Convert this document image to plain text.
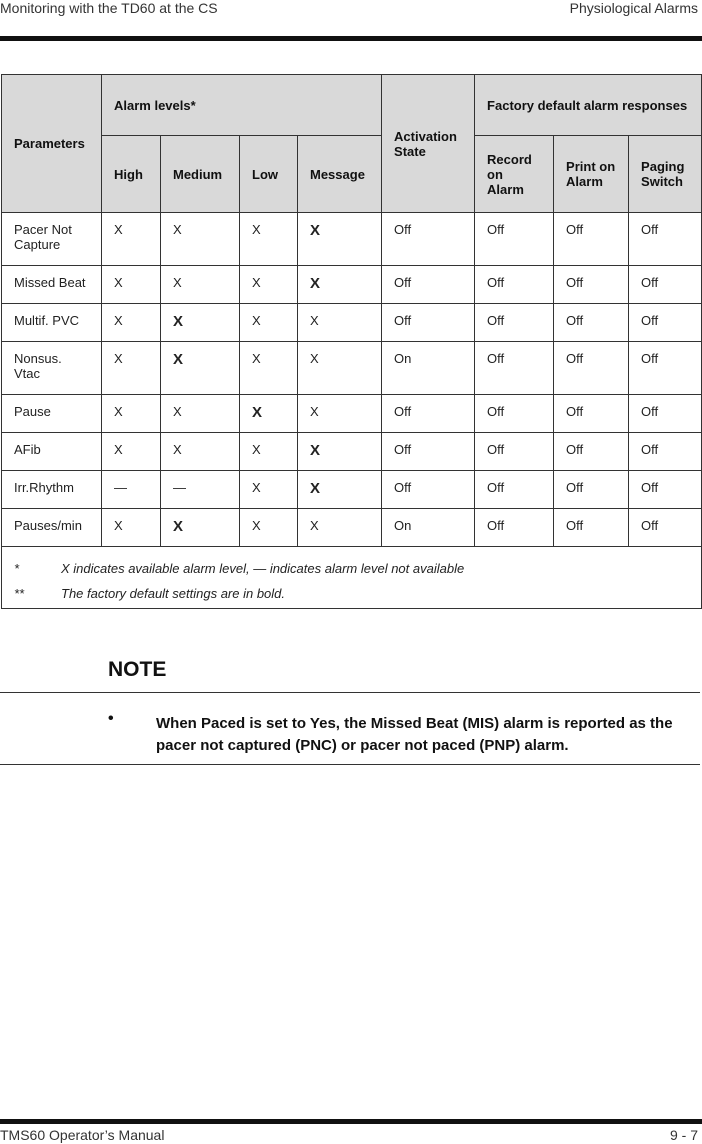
Monitoring with the TD60 at the CS	Physiological Alarms
Parameters	Alarm levels*				Activation State	Factory default alarm responses		
	High	Medium	Low	Message		Record on Alarm	Print on Alarm	Paging Switch
Pacer Not Capture	X	X	X	X	Off	Off	Off	Off
Missed Beat	X	X	X	X	Off	Off	Off	Off
Multif. PVC	X	X	X	X	Off	Off	Off	Off
Nonsus. Vtac	X	X	X	X	On	Off	Off	Off
Pause	X	X	X	X	Off	Off	Off	Off
AFib	X	X	X	X	Off	Off	Off	Off
Irr.Rhythm	—	—	X	X	Off	Off	Off	Off
Pauses/min	X	X	X	X	On	Off	Off	Off

* X indicates available alarm level, — indicates alarm level not available
** The factory default settings are in bold.								
NOTE
•	When Paced is set to Yes, the Missed Beat (MIS) alarm is reported as the pacer not captured (PNC) or pacer not paced (PNP) alarm.
TMS60 Operator’s Manual	9 - 7
